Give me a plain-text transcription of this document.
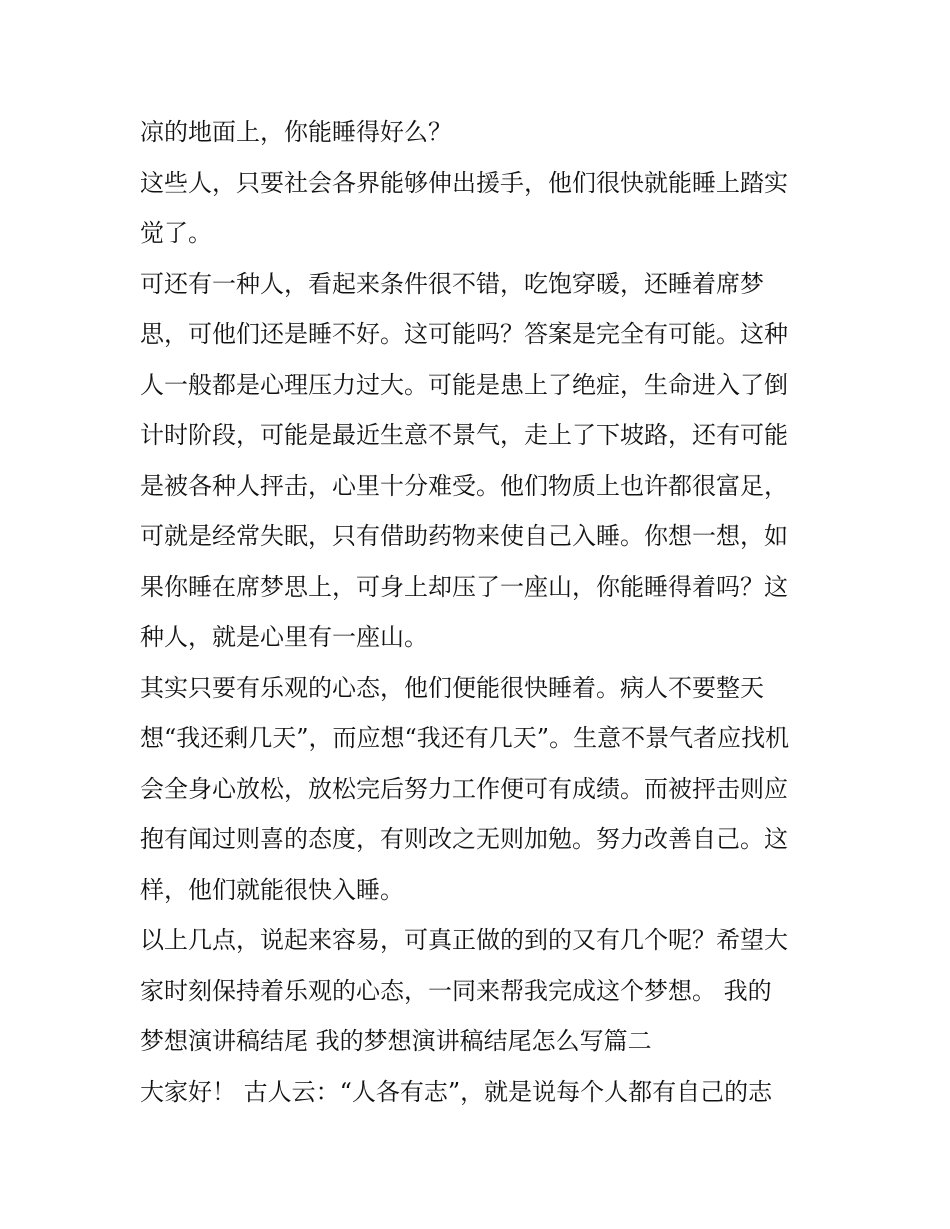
凉的地面上，你能睡得好么？
这些人，只要社会各界能够伸出援手，他们很快就能睡上踏实
觉了。
可还有一种人，看起来条件很不错，吃饱穿暖，还睡着席梦
思，可他们还是睡不好。这可能吗？答案是完全有可能。这种
人一般都是心理压力过大。可能是患上了绝症，生命进入了倒
计时阶段，可能是最近生意不景气，走上了下坡路，还有可能
是被各种人抨击，心里十分难受。他们物质上也许都很富足，
可就是经常失眠，只有借助药物来使自己入睡。你想一想，如
果你睡在席梦思上，可身上却压了一座山，你能睡得着吗？这
种人，就是心里有一座山。
其实只要有乐观的心态，他们便能很快睡着。病人不要整天
想“我还剩几天”，而应想“我还有几天”。生意不景气者应找机
会全身心放松，放松完后努力工作便可有成绩。而被抨击则应
抱有闻过则喜的态度，有则改之无则加勉。努力改善自己。这
样，他们就能很快入睡。
以上几点，说起来容易，可真正做的到的又有几个呢？希望大
家时刻保持着乐观的心态，一同来帮我完成这个梦想。 我的
梦想演讲稿结尾 我的梦想演讲稿结尾怎么写篇二
大家好！ 古人云：“人各有志”，就是说每个人都有自己的志
